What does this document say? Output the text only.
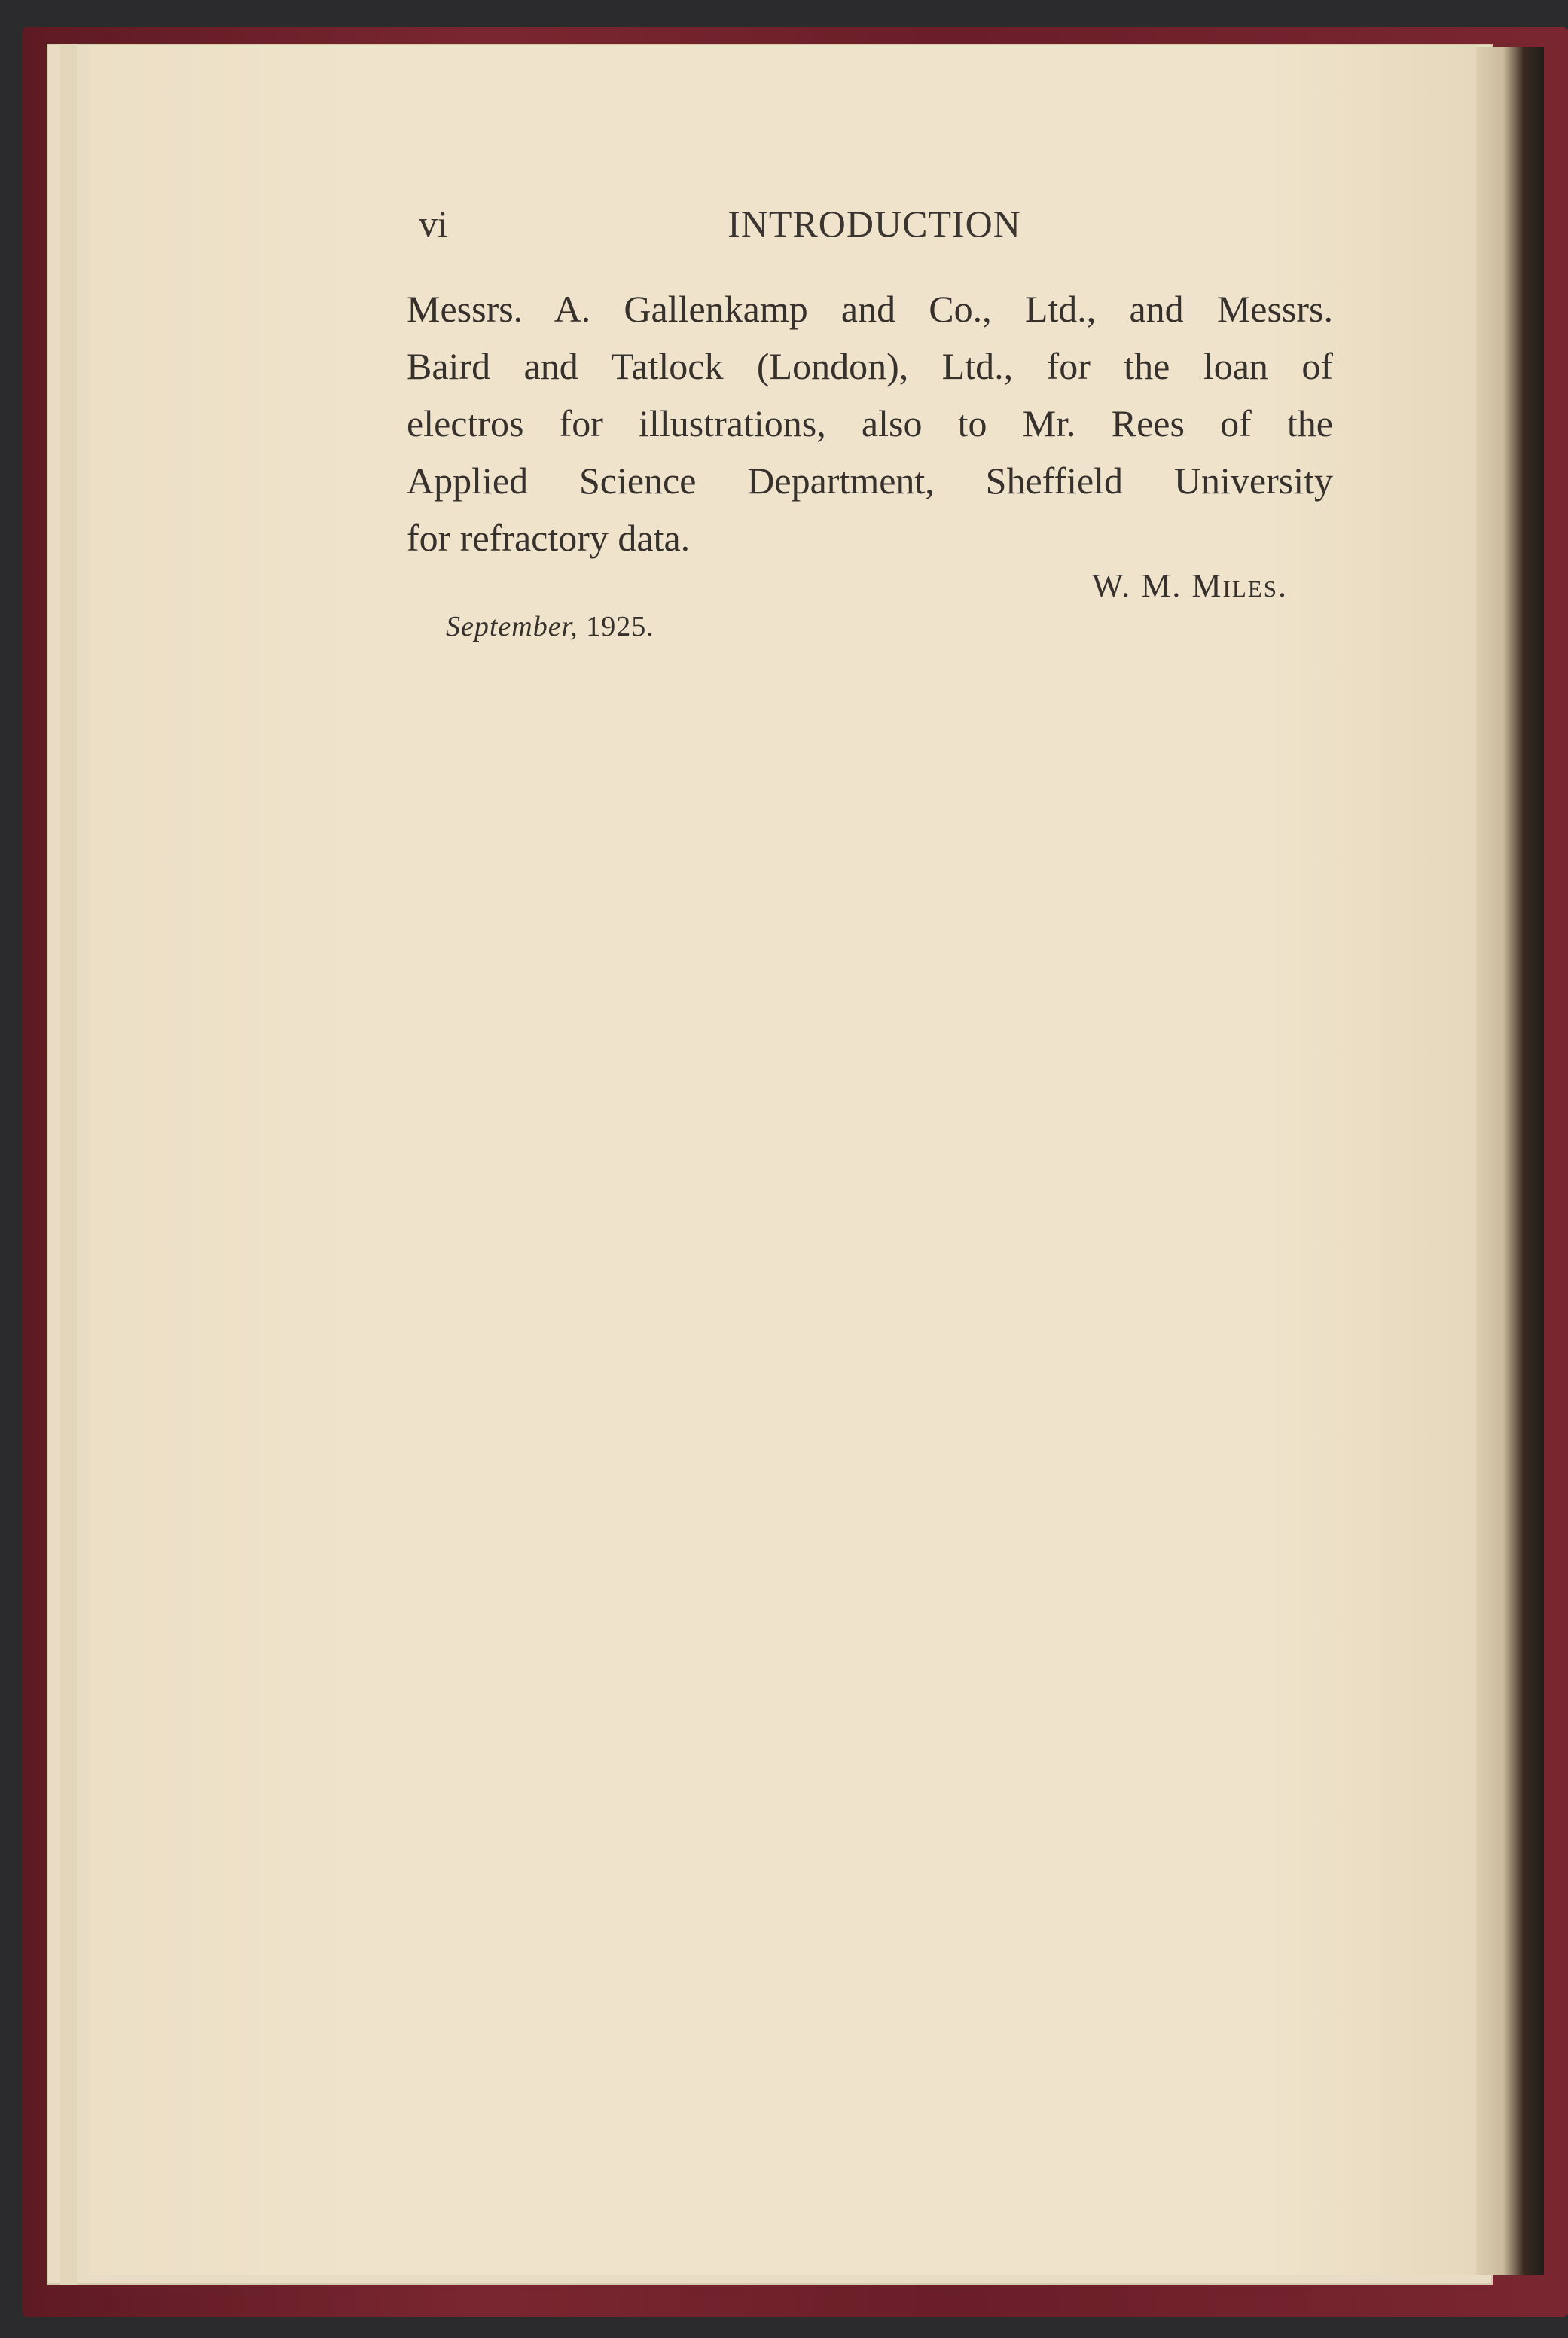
vi	INTRODUCTION
Messrs. A. Gallenkamp and Co., Ltd., and Messrs.
Baird and Tatlock (London), Ltd., for the loan of
electros for illustrations, also to Mr. Rees of the
Applied Science Department, Sheffield University
for refractory data.
W. M. Miles.
September, 1925.
